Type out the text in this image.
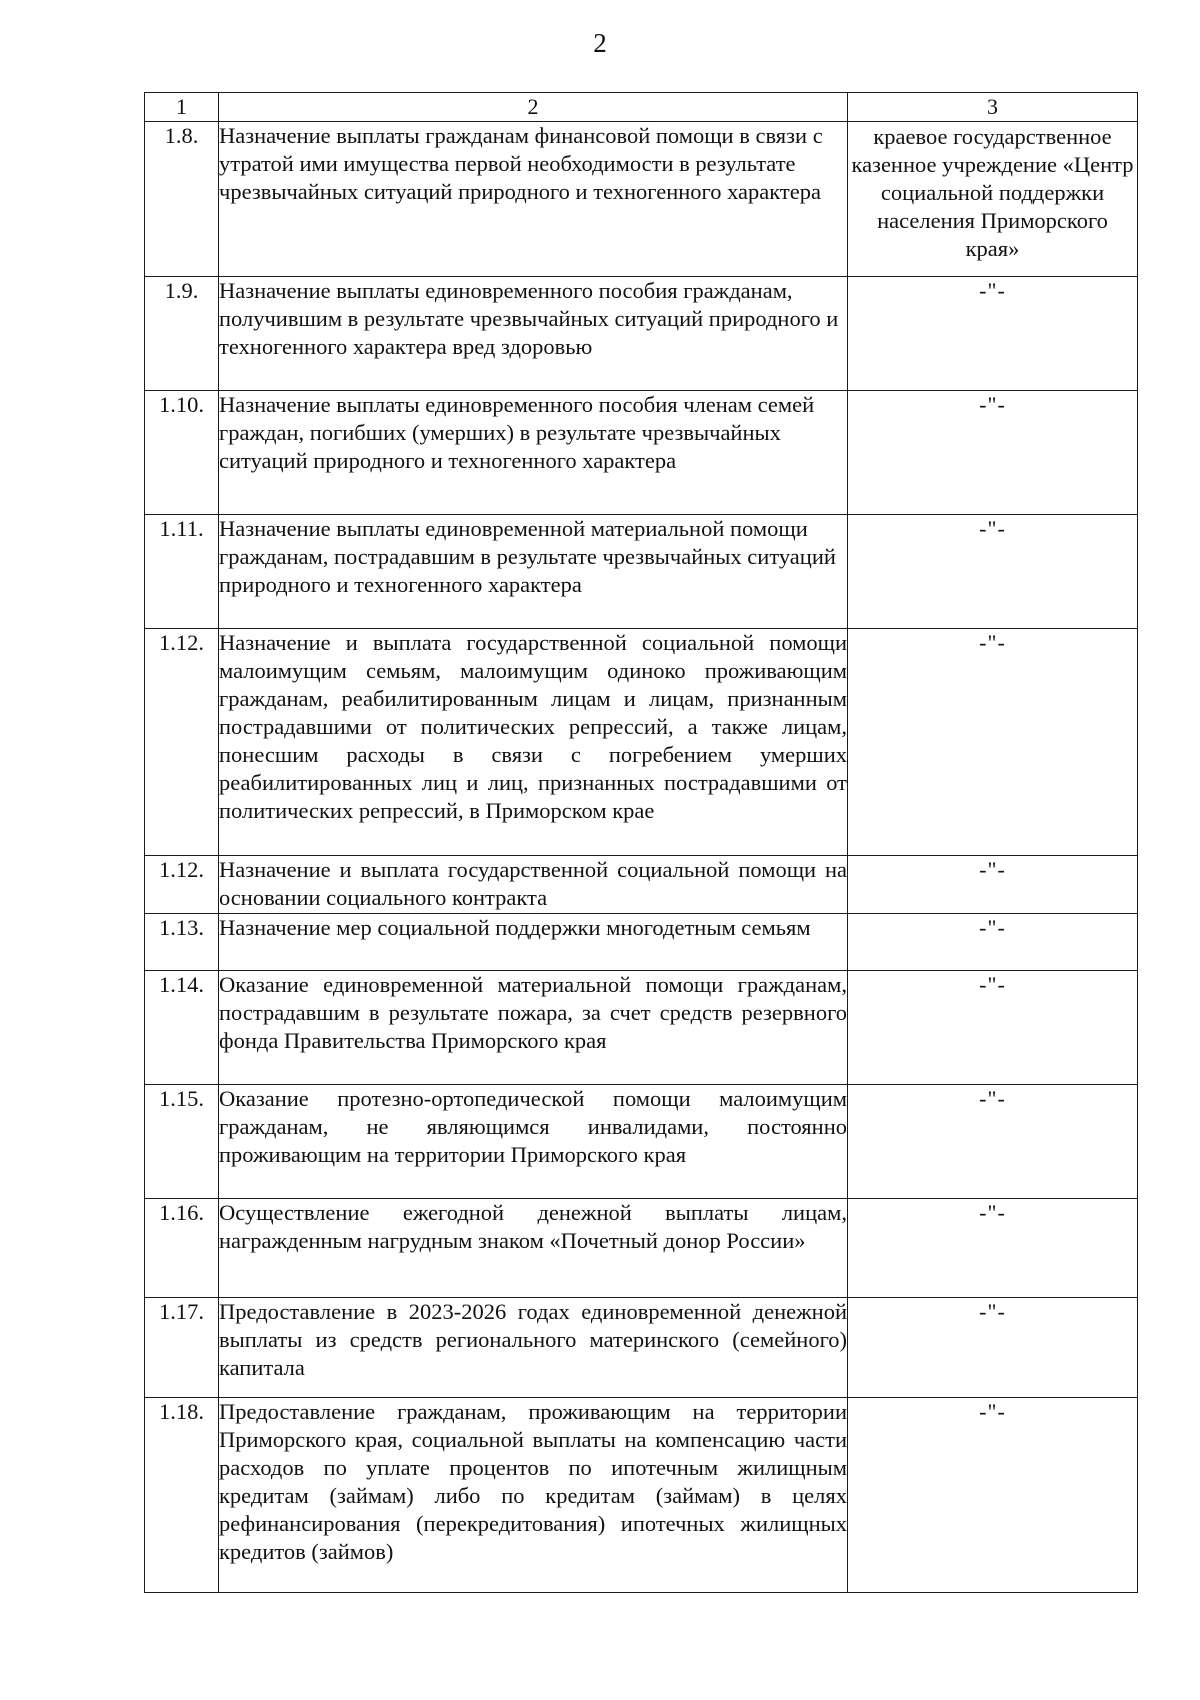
2
1	2	3
1.8.	Назначение выплаты гражданам финансовой помощи в связи с утратой ими имущества первой необходимости в результате чрезвычайных ситуаций природного и техногенного характера	краевое государственное казенное учреждение «Центр социальной поддержки населения Приморского края»
1.9.	Назначение выплаты единовременного пособия гражданам, получившим в результате чрезвычайных ситуаций природного и техногенного характера вред здоровью	-"-
1.10.	Назначение выплаты единовременного пособия членам семей граждан, погибших (умерших) в результате чрезвычайных ситуаций природного и техногенного характера	-"-
1.11.	Назначение выплаты единовременной материальной помощи гражданам, пострадавшим в результате чрезвычайных ситуаций природного и техногенного характера	-"-
1.12.	Назначение и выплата государственной социальной помощи малоимущим семьям, малоимущим одиноко проживающим гражданам, реабилитированным лицам и лицам, признанным пострадавшими от политических репрессий, а также лицам, понесшим расходы в связи с погребением умерших реабилитированных лиц и лиц, признанных пострадавшими от политических репрессий, в Приморском крае	-"-
1.12.	Назначение и выплата государственной социальной помощи на основании социального контракта	-"-
1.13.	Назначение мер социальной поддержки многодетным семьям	-"-
1.14.	Оказание единовременной материальной помощи гражданам, пострадавшим в результате пожара, за счет средств резервного фонда Правительства Приморского края	-"-
1.15.	Оказание протезно-ортопедической помощи малоимущим гражданам, не являющимся инвалидами, постоянно проживающим на территории Приморского края	-"-
1.16.	Осуществление ежегодной денежной выплаты лицам, награжденным нагрудным знаком «Почетный донор России»	-"-
1.17.	Предоставление в 2023-2026 годах единовременной денежной выплаты из средств регионального материнского (семейного) капитала	-"-
1.18.	Предоставление гражданам, проживающим на территории Приморского края, социальной выплаты на компенсацию части расходов по уплате процентов по ипотечным жилищным кредитам (займам) либо по кредитам (займам) в целях рефинансирования (перекредитования) ипотечных жилищных кредитов (займов)	-"-
